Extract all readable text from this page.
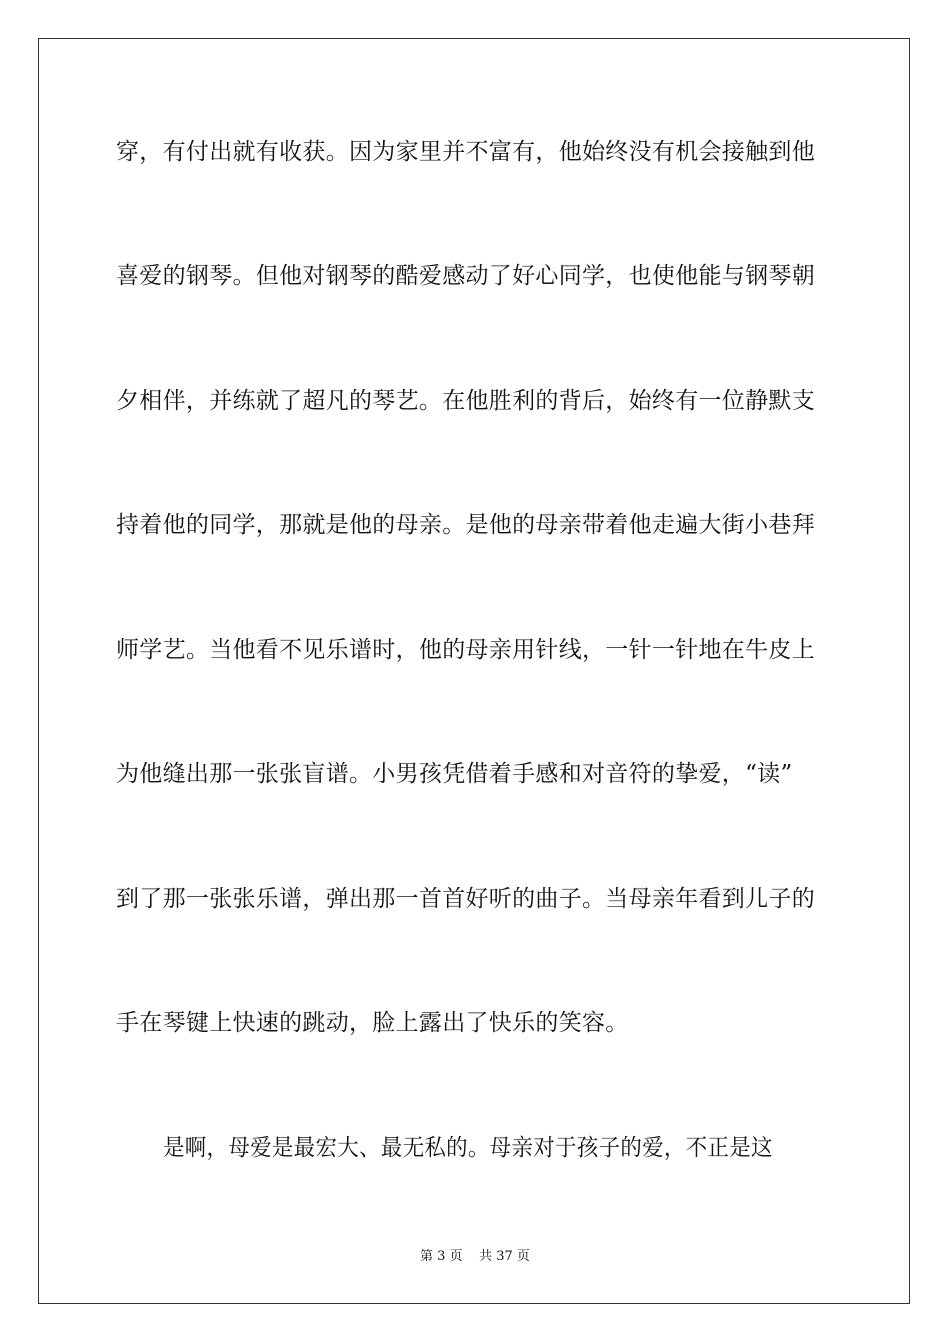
穿，有付出就有收获。因为家里并不富有，他始终没有机会接触到他
喜爱的钢琴。但他对钢琴的酷爱感动了好心同学，也使他能与钢琴朝
夕相伴，并练就了超凡的琴艺。在他胜利的背后，始终有一位静默支
持着他的同学，那就是他的母亲。是他的母亲带着他走遍大街小巷拜
师学艺。当他看不见乐谱时，他的母亲用针线，一针一针地在牛皮上
为他缝出那一张张盲谱。小男孩凭借着手感和对音符的挚爱，“读”
到了那一张张乐谱，弹出那一首首好听的曲子。当母亲年看到儿子的
手在琴键上快速的跳动，脸上露出了快乐的笑容。
是啊，母爱是最宏大、最无私的。母亲对于孩子的爱，不正是这
第 3 页 共 37 页
